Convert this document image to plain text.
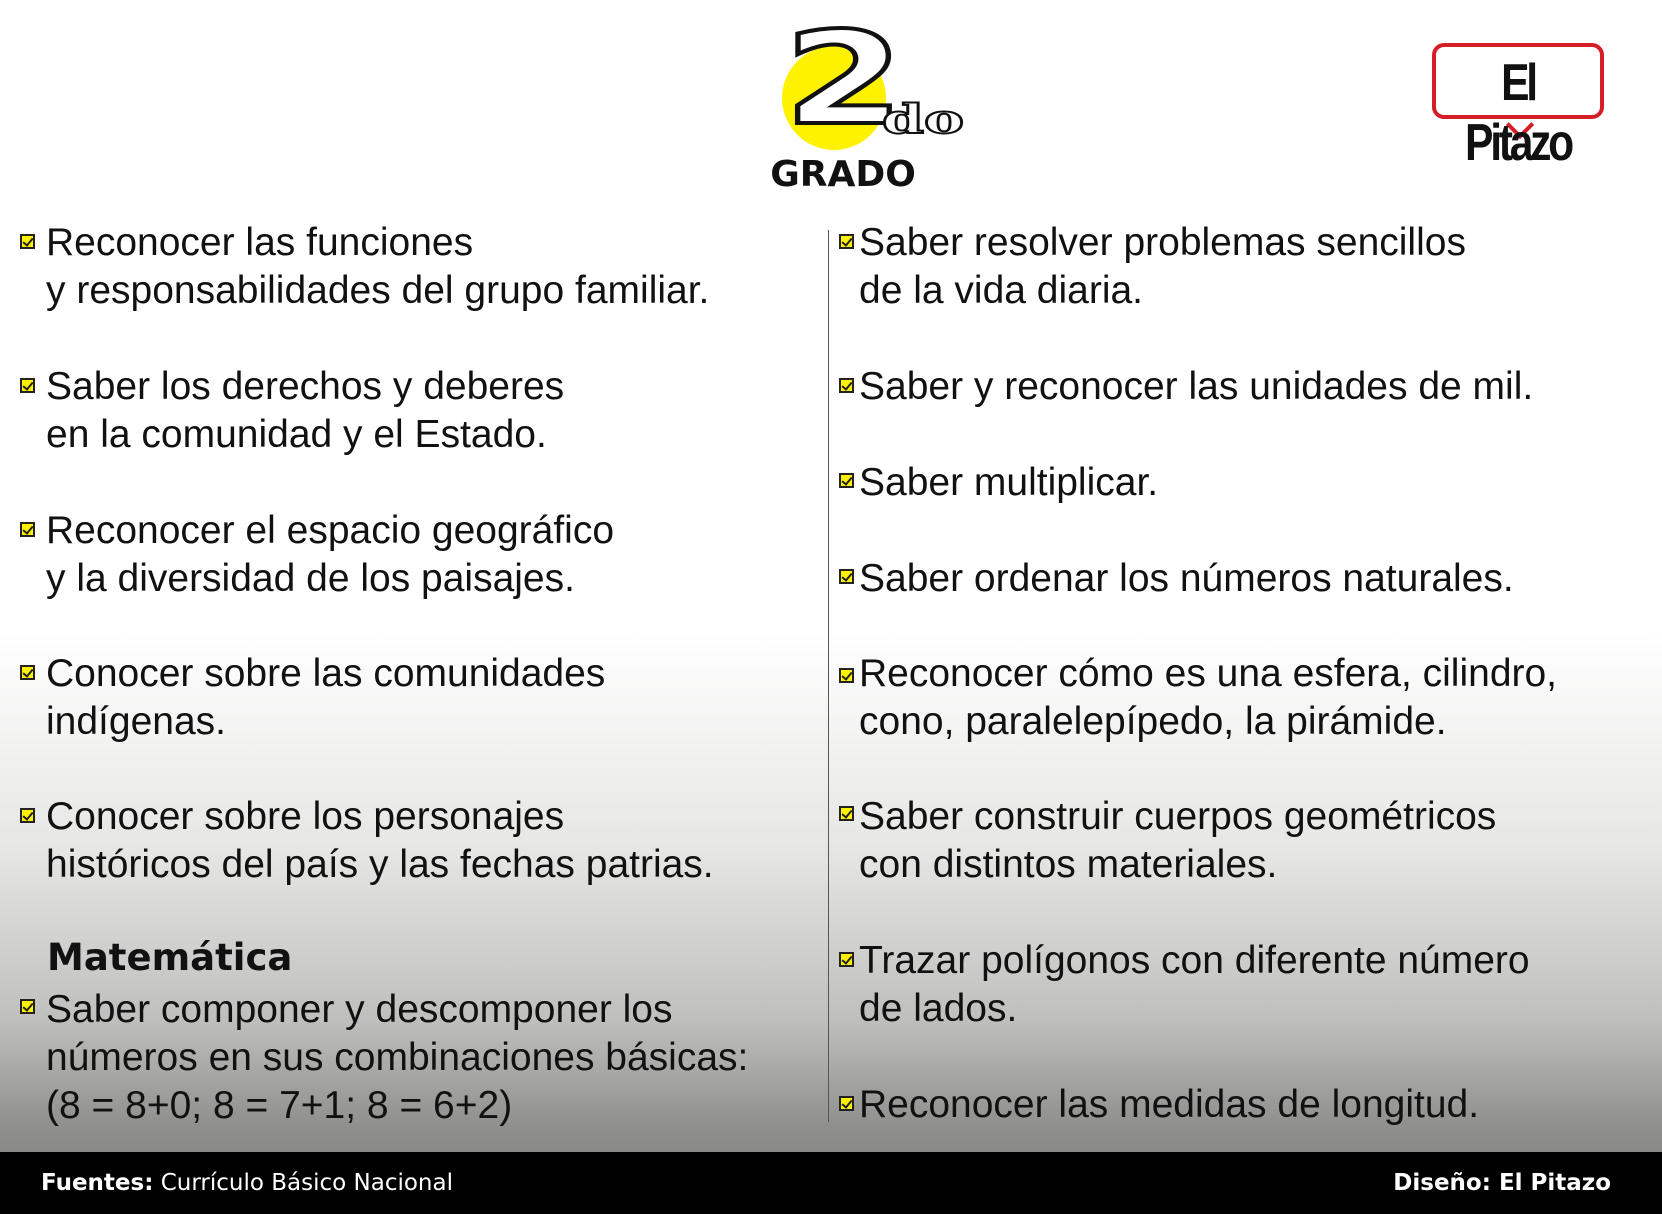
2
do
GRADO
El Pitazo
Reconocer las funciones
y responsabilidades del grupo familiar.
Saber los derechos y deberes
en la comunidad y el Estado.
Reconocer el espacio geográfico
y la diversidad de los paisajes.
Conocer sobre las comunidades
indígenas.
Conocer sobre los personajes
históricos del país y las fechas patrias.
Matemática
Saber componer y descomponer los
números en sus combinaciones básicas:
(8 = 8+0; 8 = 7+1; 8 = 6+2)
Saber resolver problemas sencillos
de la vida diaria.
Saber y reconocer las unidades de mil.
Saber multiplicar.
Saber ordenar los números naturales.
Reconocer cómo es una esfera, cilindro,
cono, paralelepípedo, la pirámide.
Saber construir cuerpos geométricos
con distintos materiales.
Trazar polígonos con diferente número
de lados.
Reconocer las medidas de longitud.
Fuentes: Currículo Básico Nacional	Diseño: El Pitazo
